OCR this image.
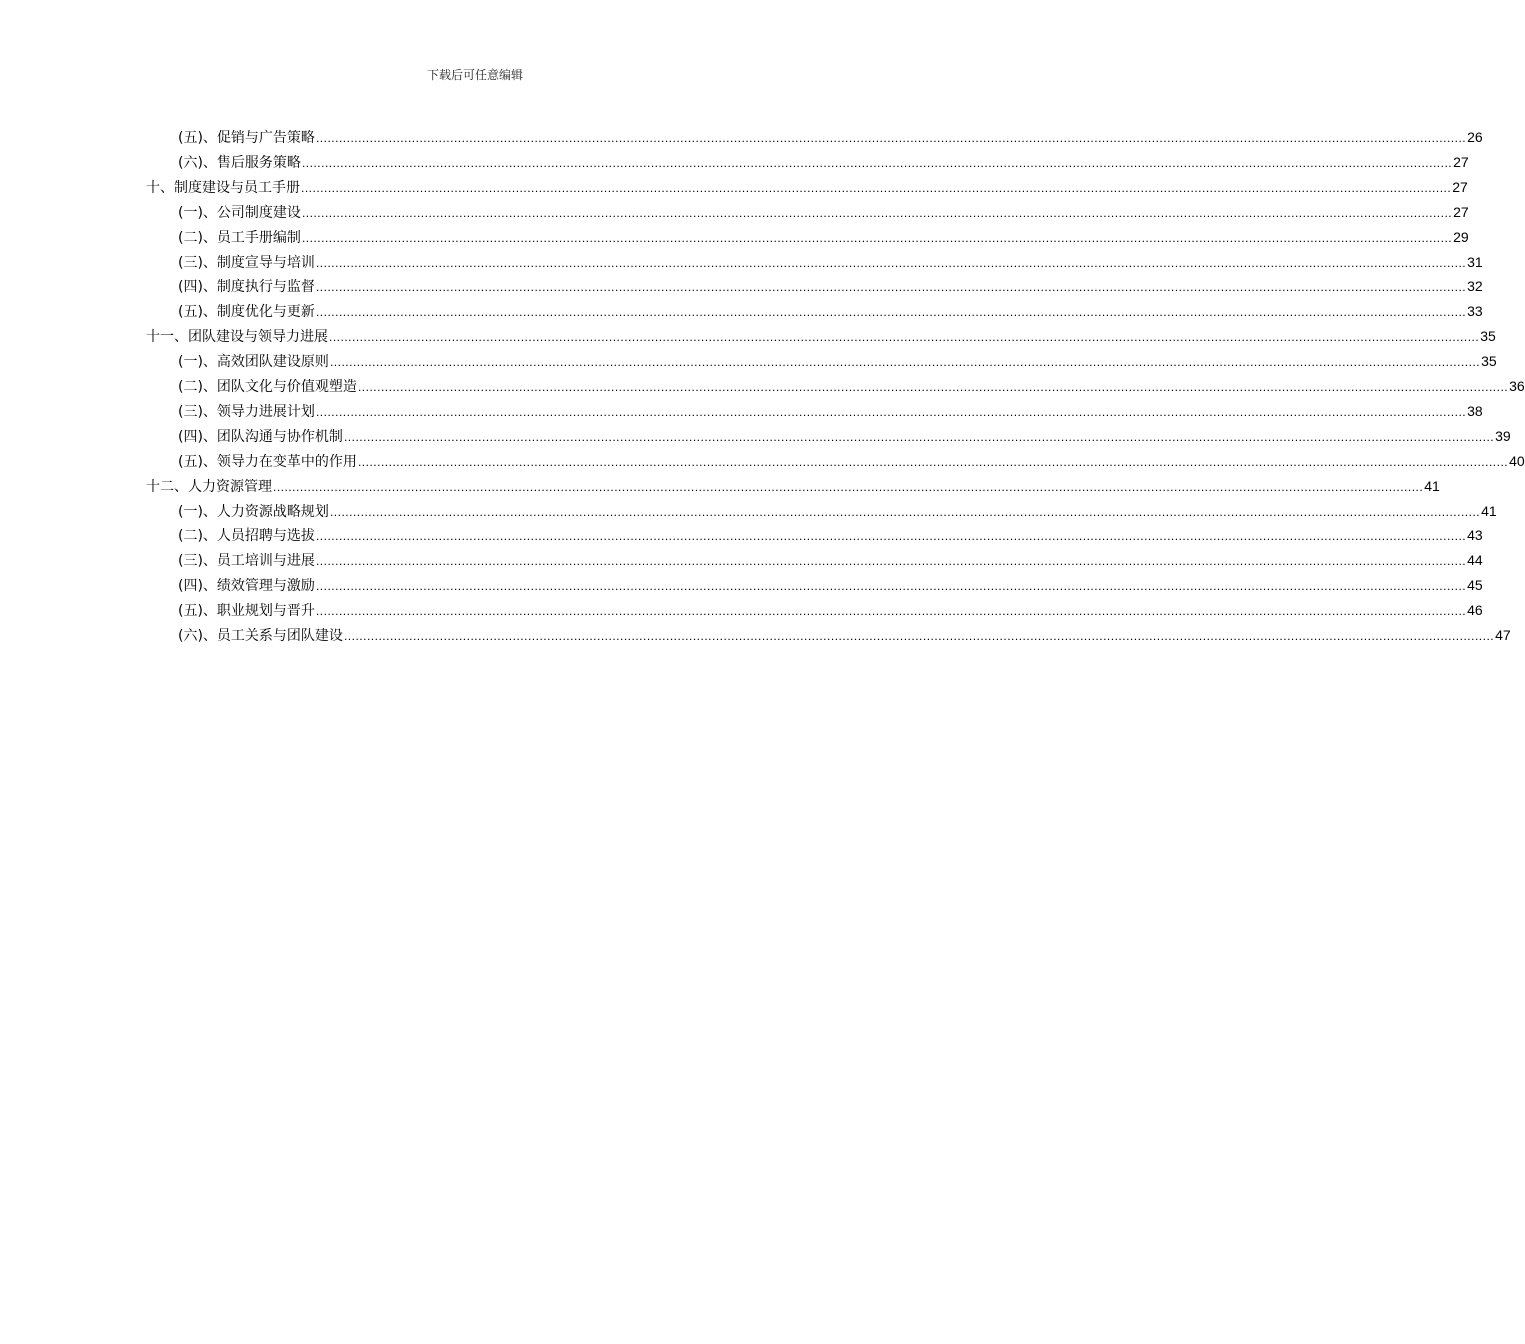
下载后可任意编辑
(五)、促销与广告策略 ............................................................................................................................................................................................................................................................................................................ 26
(六)、售后服务策略 ............................................................................................................................................................................................................................................................................................................ 27
十、制度建设与员工手册 ............................................................................................................................................................................................................................................................................................................ 27
(一)、公司制度建设 ............................................................................................................................................................................................................................................................................................................ 27
(二)、员工手册编制 ............................................................................................................................................................................................................................................................................................................ 29
(三)、制度宣导与培训 ............................................................................................................................................................................................................................................................................................................ 31
(四)、制度执行与监督 ............................................................................................................................................................................................................................................................................................................ 32
(五)、制度优化与更新 ............................................................................................................................................................................................................................................................................................................ 33
十一、团队建设与领导力进展 ............................................................................................................................................................................................................................................................................................................ 35
(一)、高效团队建设原则 ............................................................................................................................................................................................................................................................................................................ 35
(二)、团队文化与价值观塑造 ............................................................................................................................................................................................................................................................................................................ 36
(三)、领导力进展计划 ............................................................................................................................................................................................................................................................................................................ 38
(四)、团队沟通与协作机制 ............................................................................................................................................................................................................................................................................................................ 39
(五)、领导力在变革中的作用 ............................................................................................................................................................................................................................................................................................................ 40
十二、人力资源管理 ............................................................................................................................................................................................................................................................................................................ 41
(一)、人力资源战略规划 ............................................................................................................................................................................................................................................................................................................ 41
(二)、人员招聘与选拔 ............................................................................................................................................................................................................................................................................................................ 43
(三)、员工培训与进展 ............................................................................................................................................................................................................................................................................................................ 44
(四)、绩效管理与激励 ............................................................................................................................................................................................................................................................................................................ 45
(五)、职业规划与晋升 ............................................................................................................................................................................................................................................................................................................ 46
(六)、员工关系与团队建设 ............................................................................................................................................................................................................................................................................................................ 47
